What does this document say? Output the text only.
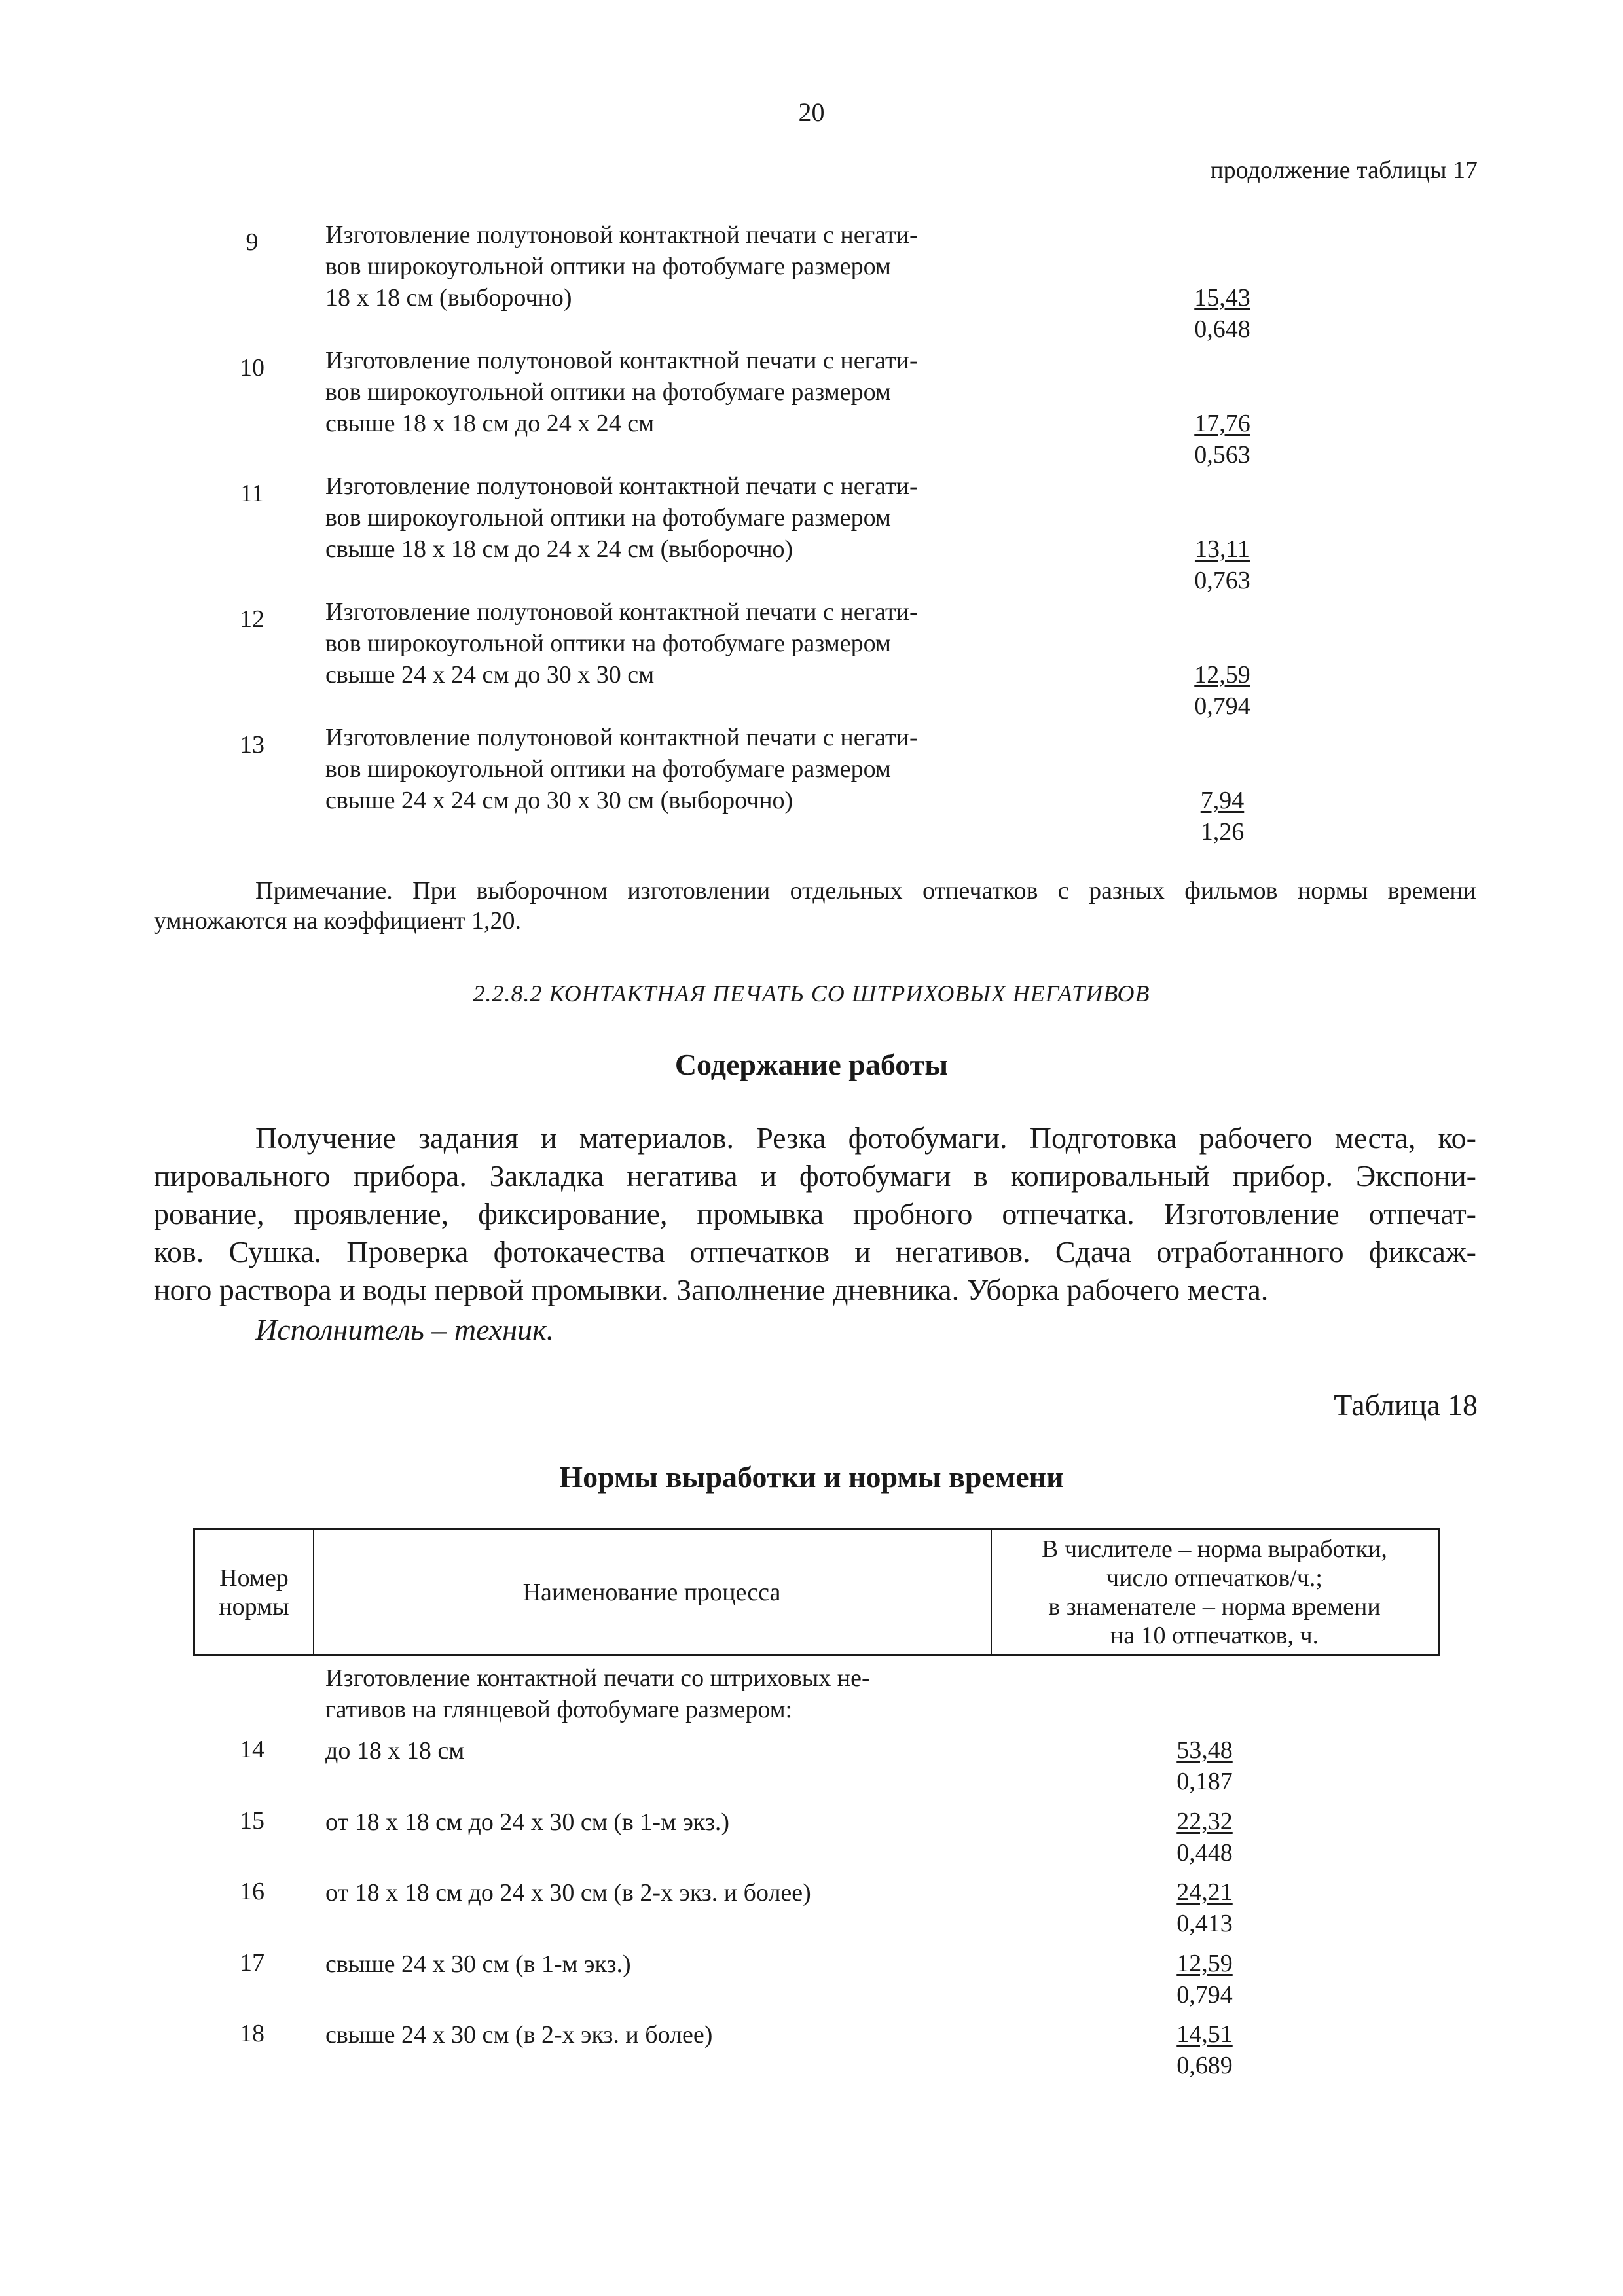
20
продолжение таблицы 17
9	Изготовление полутоновой контактной печати с негати-
вов широкоугольной оптики на фотобумаге размером
18 х 18 см (выборочно)	15,43
0,648
10	Изготовление полутоновой контактной печати с негати-
вов широкоугольной оптики на фотобумаге размером
свыше 18 х 18 см до 24 х 24 см	17,76
0,563
11	Изготовление полутоновой контактной печати с негати-
вов широкоугольной оптики на фотобумаге размером
свыше 18 х 18 см до 24 х 24 см (выборочно)	13,11
0,763
12	Изготовление полутоновой контактной печати с негати-
вов широкоугольной оптики на фотобумаге размером
свыше 24 х 24 см до 30 х 30 см	12,59
0,794
13	Изготовление полутоновой контактной печати с негати-
вов широкоугольной оптики на фотобумаге размером
свыше 24 х 24 см до 30 х 30 см (выборочно)	7,94
1,26
Примечание. При выборочном изготовлении отдельных отпечатков с разных фильмов нормы времени
умножаются на коэффициент 1,20.
2.2.8.2 КОНТАКТНАЯ ПЕЧАТЬ СО ШТРИХОВЫХ НЕГАТИВОВ
Содержание работы
Получение задания и материалов. Резка фотобумаги. Подготовка рабочего места, ко-
пировального прибора. Закладка негатива и фотобумаги в копировальный прибор. Экспони-
рование, проявление, фиксирование, промывка пробного отпечатка. Изготовление отпечат-
ков. Сушка. Проверка фотокачества отпечатков и негативов. Сдача отработанного фиксаж-
ного раствора и воды первой промывки. Заполнение дневника. Уборка рабочего места.
Исполнитель – техник.
Таблица 18
Нормы выработки и нормы времени
Номер
нормы
Наименование процесса
В числителе – норма выработки,
число отпечатков/ч.;
в знаменателе – норма времени
на 10 отпечатков, ч.
Изготовление контактной печати со штриховых не-
гативов на глянцевой фотобумаге размером:
14	до 18 х 18 см	53,48
0,187
15	от 18 х 18 см до 24 х 30 см (в 1-м экз.)	22,32
0,448
16	от 18 х 18 см до 24 х 30 см (в 2-х экз. и более)	24,21
0,413
17	свыше 24 х 30 см (в 1-м экз.)	12,59
0,794
18	свыше 24 х 30 см (в 2-х экз. и более)	14,51
0,689
